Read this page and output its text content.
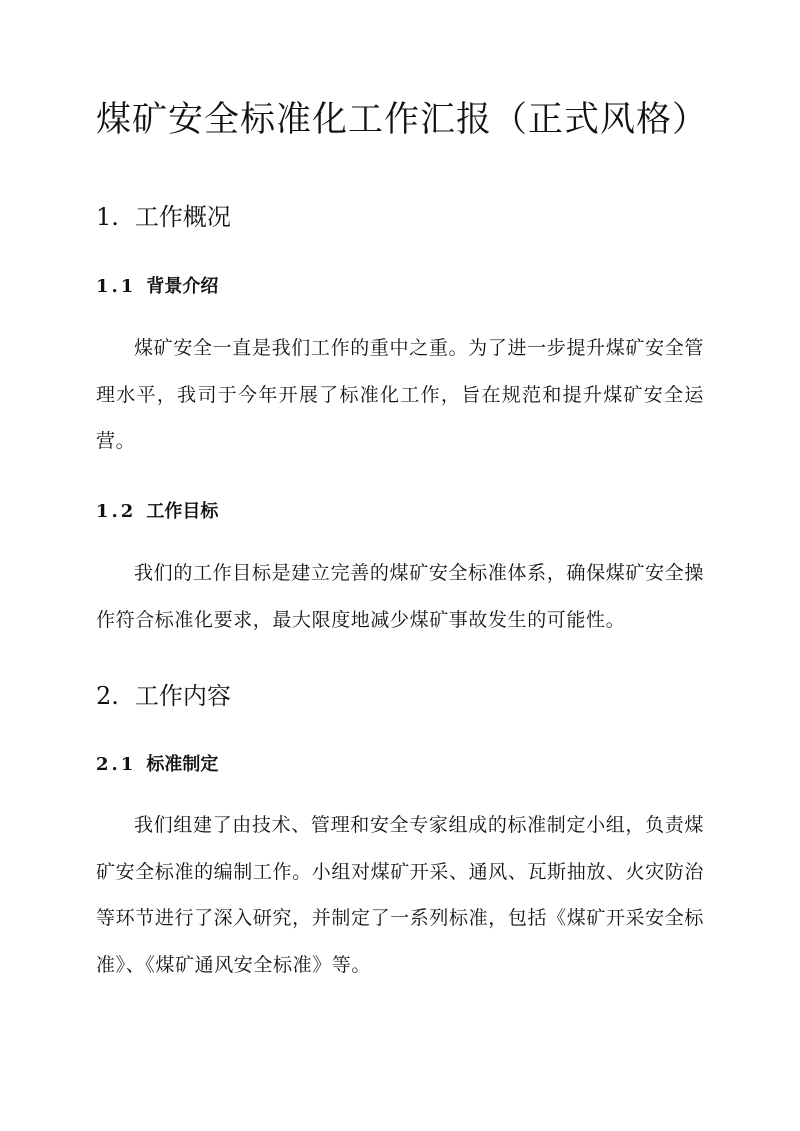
煤矿安全标准化工作汇报（正式风格）
1. 工作概况
1.1 背景介绍

煤矿安全一直是我们工作的重中之重。为了进一步提升煤矿安全管理水平，我司于今年开展了标准化工作，旨在规范和提升煤矿安全运营。

1.2 工作目标

我们的工作目标是建立完善的煤矿安全标准体系，确保煤矿安全操作符合标准化要求，最大限度地减少煤矿事故发生的可能性。

2. 工作内容
2.1 标准制定

我们组建了由技术、管理和安全专家组成的标准制定小组，负责煤矿安全标准的编制工作。小组对煤矿开采、通风、瓦斯抽放、火灾防治等环节进行了深入研究，并制定了一系列标准，包括《煤矿开采安全标准》、《煤矿通风安全标准》等。
